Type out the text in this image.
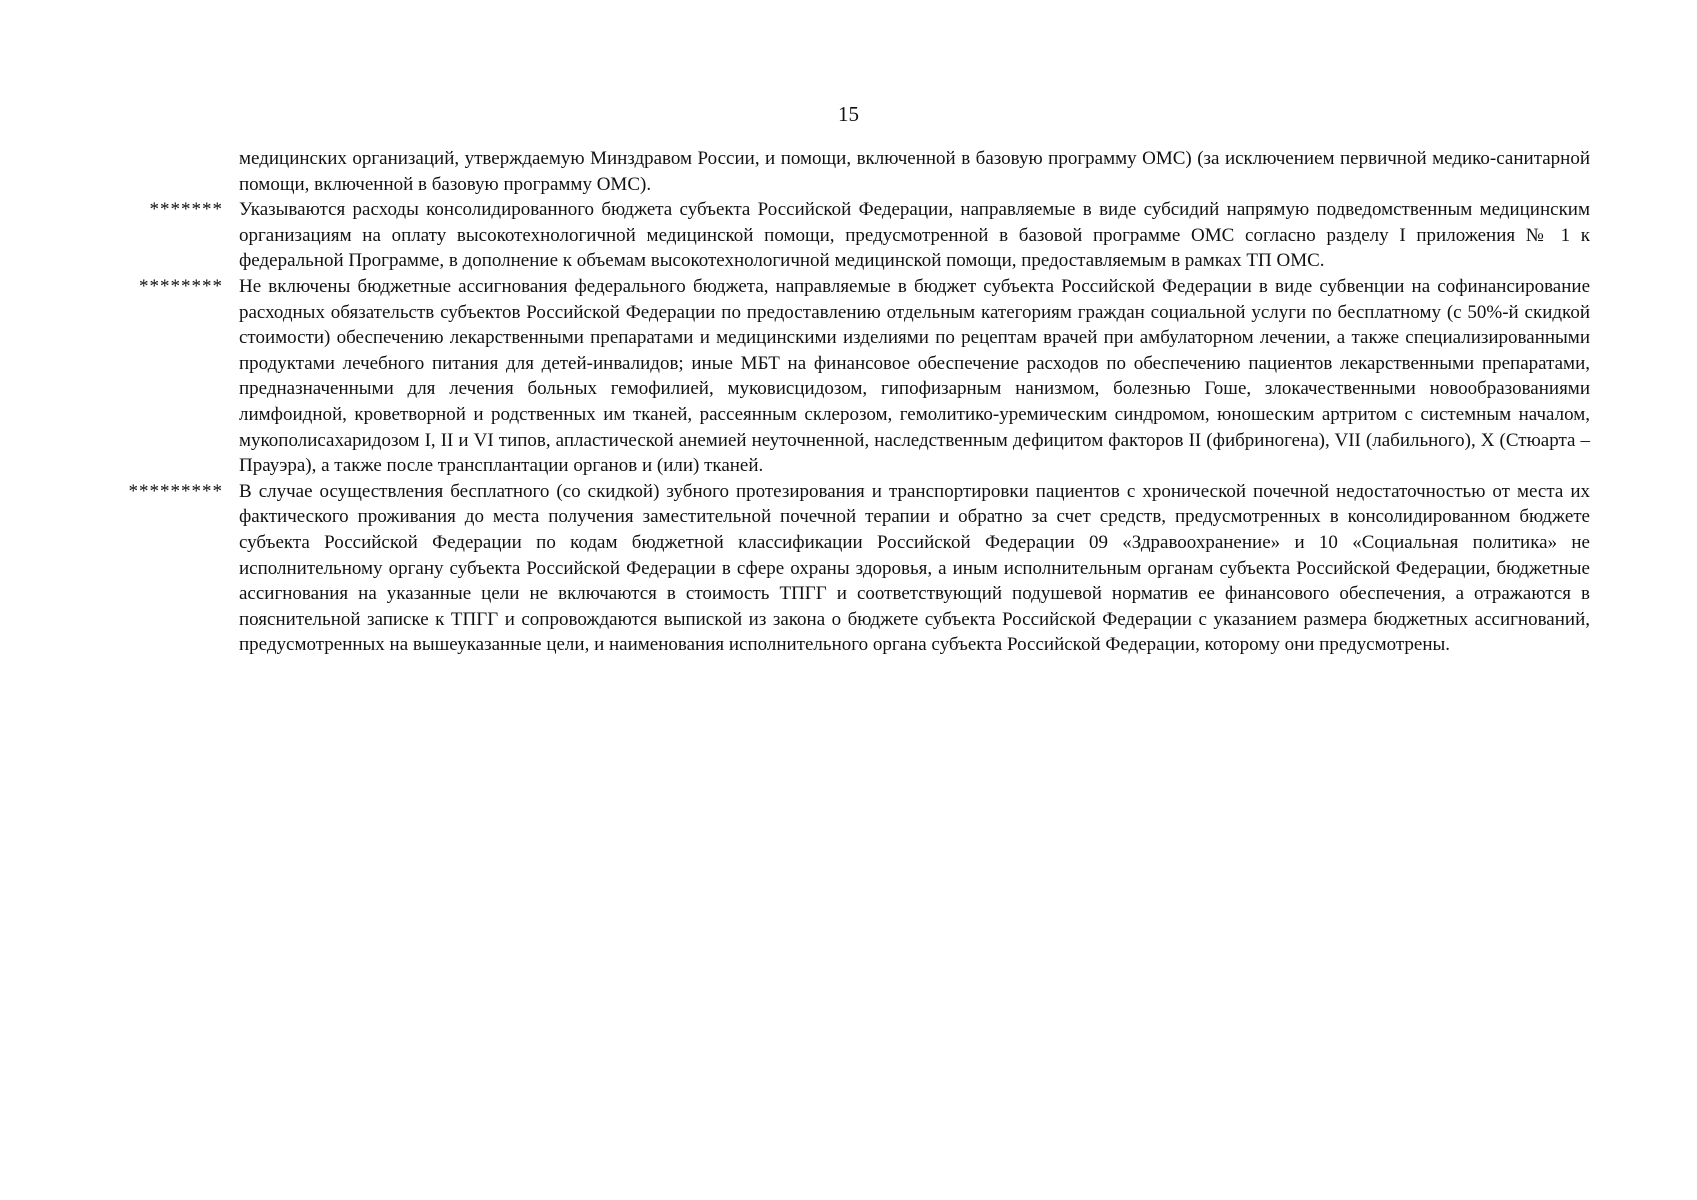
15
медицинских организаций, утверждаемую Минздравом России, и помощи, включенной в базовую программу ОМС) (за исключением первичной медико-санитарной помощи, включенной в базовую программу ОМС).
******* Указываются расходы консолидированного бюджета субъекта Российской Федерации, направляемые в виде субсидий напрямую подведомственным медицинским организациям на оплату высокотехнологичной медицинской помощи, предусмотренной в базовой программе ОМС согласно разделу I приложения № 1 к федеральной Программе, в дополнение к объемам высокотехнологичной медицинской помощи, предоставляемым в рамках ТП ОМС.
******** Не включены бюджетные ассигнования федерального бюджета, направляемые в бюджет субъекта Российской Федерации в виде субвенции на софинансирование расходных обязательств субъектов Российской Федерации по предоставлению отдельным категориям граждан социальной услуги по бесплатному (с 50%-й скидкой стоимости) обеспечению лекарственными препаратами и медицинскими изделиями по рецептам врачей при амбулаторном лечении, а также специализированными продуктами лечебного питания для детей-инвалидов; иные МБТ на финансовое обеспечение расходов по обеспечению пациентов лекарственными препаратами, предназначенными для лечения больных гемофилией, муковисцидозом, гипофизарным нанизмом, болезнью Гоше, злокачественными новообразованиями лимфоидной, кроветворной и родственных им тканей, рассеянным склерозом, гемолитико-уремическим синдромом, юношеским артритом с системным началом, мукополисахаридозом I, II и VI типов, апластической анемией неуточненной, наследственным дефицитом факторов II (фибриногена), VII (лабильного), X (Стюарта – Прауэра), а также после трансплантации органов и (или) тканей.
********* В случае осуществления бесплатного (со скидкой) зубного протезирования и транспортировки пациентов с хронической почечной недостаточностью от места их фактического проживания до места получения заместительной почечной терапии и обратно за счет средств, предусмотренных в консолидированном бюджете субъекта Российской Федерации по кодам бюджетной классификации Российской Федерации 09 «Здравоохранение» и 10 «Социальная политика» не исполнительному органу субъекта Российской Федерации в сфере охраны здоровья, а иным исполнительным органам субъекта Российской Федерации, бюджетные ассигнования на указанные цели не включаются в стоимость ТПГГ и соответствующий подушевой норматив ее финансового обеспечения, а отражаются в пояснительной записке к ТПГГ и сопровождаются выпиской из закона о бюджете субъекта Российской Федерации с указанием размера бюджетных ассигнований, предусмотренных на вышеуказанные цели, и наименования исполнительного органа субъекта Российской Федерации, которому они предусмотрены.
